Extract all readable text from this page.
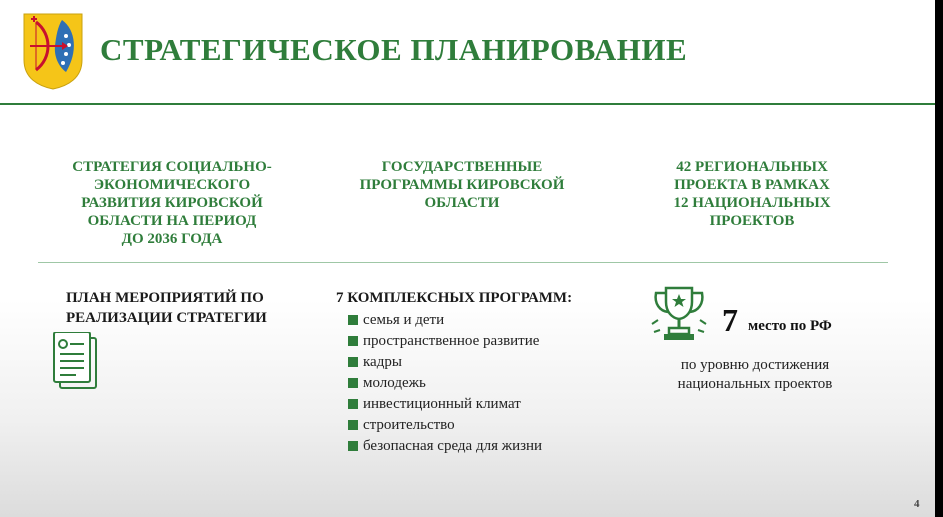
СТРАТЕГИЧЕСКОЕ ПЛАНИРОВАНИЕ
СТРАТЕГИЯ СОЦИАЛЬНО-
ЭКОНОМИЧЕСКОГО
РАЗВИТИЯ КИРОВСКОЙ
ОБЛАСТИ НА ПЕРИОД
ДО 2036 ГОДА
ГОСУДАРСТВЕННЫЕ
ПРОГРАММЫ КИРОВСКОЙ
ОБЛАСТИ
42 РЕГИОНАЛЬНЫХ
ПРОЕКТА В РАМКАХ
12 НАЦИОНАЛЬНЫХ
ПРОЕКТОВ
ПЛАН МЕРОПРИЯТИЙ ПО
РЕАЛИЗАЦИИ СТРАТЕГИИ
7 КОМПЛЕКСНЫХ ПРОГРАММ:
семья и дети
пространственное развитие
кадры
молодежь
инвестиционный климат
строительство
безопасная среда для жизни
7 место по РФ
по уровню достижения
национальных проектов
4
